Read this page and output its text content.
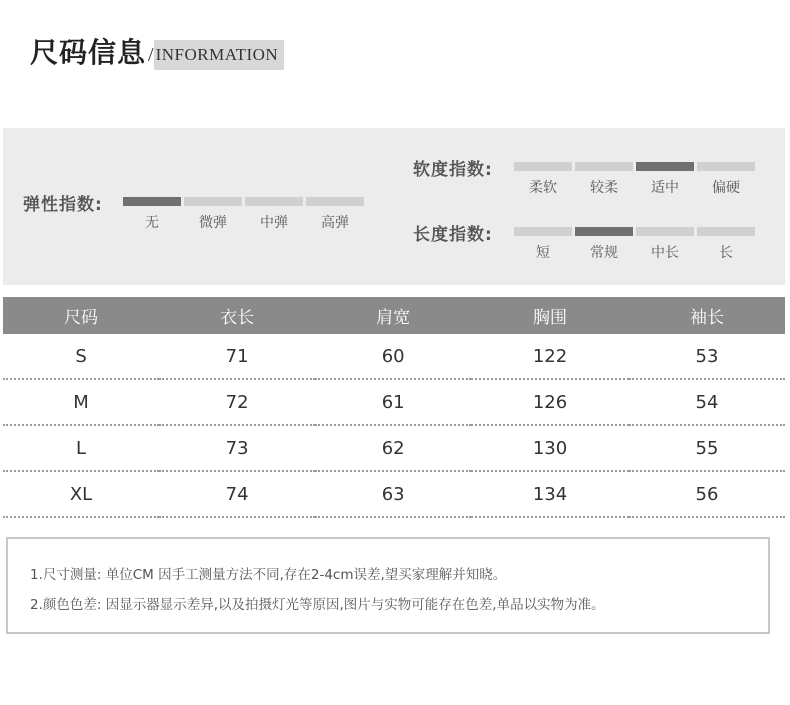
尺码信息 / INFORMATION
弹性指数:
无	微弹	中弹	高弹
软度指数:
柔软	较柔	适中	偏硬
长度指数:
短	常规	中长	长
尺码	衣长	肩宽	胸围	袖长
S	71	60	122	53
M	72	61	126	54
L	73	62	130	55
XL	74	63	134	56

1.尺寸测量: 单位CM 因手工测量方法不同,存在2-4cm误差,望买家理解并知晓。

2.颜色色差: 因显示器显示差异,以及拍摄灯光等原因,图片与实物可能存在色差,单品以实物为准。
